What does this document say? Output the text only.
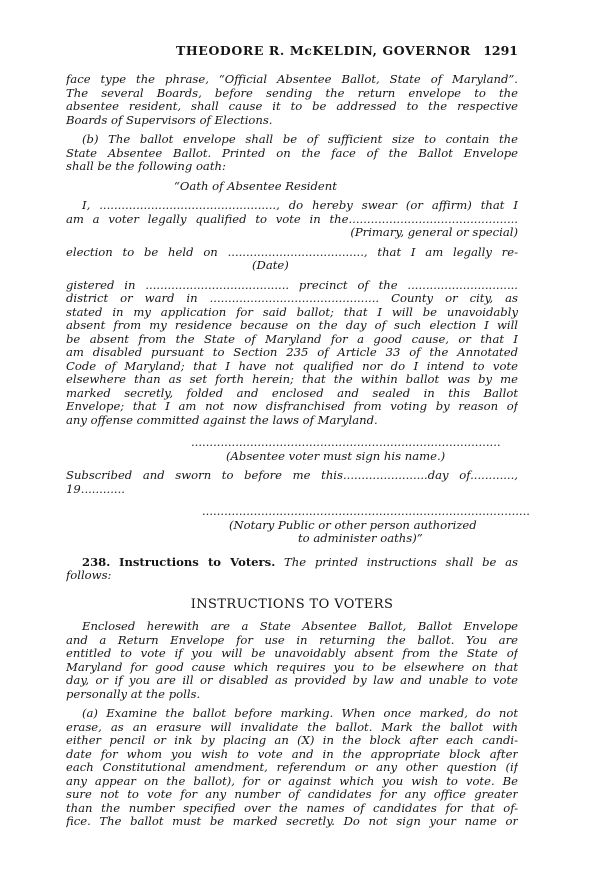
THEODORE R. McKELDIN, GOVERNOR 1291
face type the phrase, “Official Absentee Ballot, State of Maryland”.
The several Boards, before sending the return envelope to the
absentee resident, shall cause it to be addressed to the respective
Boards of Supervisors of Elections.
(b) The ballot envelope shall be of sufficient size to contain the
State Absentee Ballot. Printed on the face of the Ballot Envelope
shall be the following oath:
“Oath of Absentee Resident
I, ................................................, do hereby swear (or affirm) that I
am a voter legally qualified to vote in the..............................................
(Primary, general or special)
election to be held on ....................................., that I am legally re-
(Date)
gistered in ....................................... precinct of the ..............................
district or ward in .............................................. County or city, as
stated in my application for said ballot; that I will be unavoidably
absent from my residence because on the day of such election I will
be absent from the State of Maryland for a good cause, or that I
am disabled pursuant to Section 235 of Article 33 of the Annotated
Code of Maryland; that I have not qualified nor do I intend to vote
elsewhere than as set forth herein; that the within ballot was by me
marked secretly, folded and enclosed and sealed in this Ballot
Envelope; that I am not now disfranchised from voting by reason of
any offense committed against the laws of Maryland.
....................................................................................
(Absentee voter must sign his name.)
Subscribed and sworn to before me this.......................day of............,
19............
.........................................................................................
(Notary Public or other person authorized
to administer oaths)”
238. Instructions to Voters. The printed instructions shall be as
follows:
INSTRUCTIONS TO VOTERS
Enclosed herewith are a State Absentee Ballot, Ballot Envelope
and a Return Envelope for use in returning the ballot. You are
entitled to vote if you will be unavoidably absent from the State of
Maryland for good cause which requires you to be elsewhere on that
day, or if you are ill or disabled as provided by law and unable to vote
personally at the polls.
(a) Examine the ballot before marking. When once marked, do not
erase, as an erasure will invalidate the ballot. Mark the ballot with
either pencil or ink by placing an (X) in the block after each candi-
date for whom you wish to vote and in the appropriate block after
each Constitutional amendment, referendum or any other question (if
any appear on the ballot), for or against which you wish to vote. Be
sure not to vote for any number of candidates for any office greater
than the number specified over the names of candidates for that of-
fice. The ballot must be marked secretly. Do not sign your name or
